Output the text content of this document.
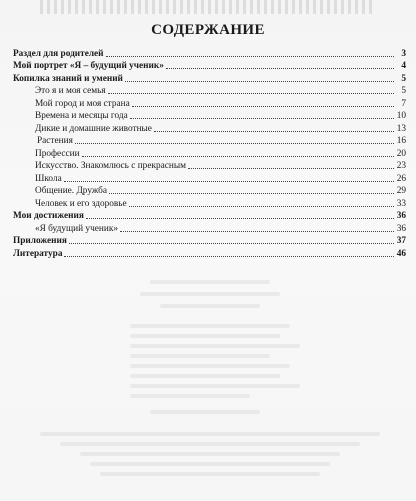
СОДЕРЖАНИЕ
Раздел для родителей	3
Мой портрет «Я – будущий ученик»	4
Копилка знаний и умений	5
Это я и моя семья	5
Мой город и моя страна	7
Времена и месяцы года	10
Дикие и домашние животные	13
Растения	16
Профессии	20
Искусство. Знакомлюсь с прекрасным	23
Школа	26
Общение. Дружба	29
Человек и его здоровье	33
Мои достижения	36
«Я будущий ученик»	36
Приложения	37
Литература	46
